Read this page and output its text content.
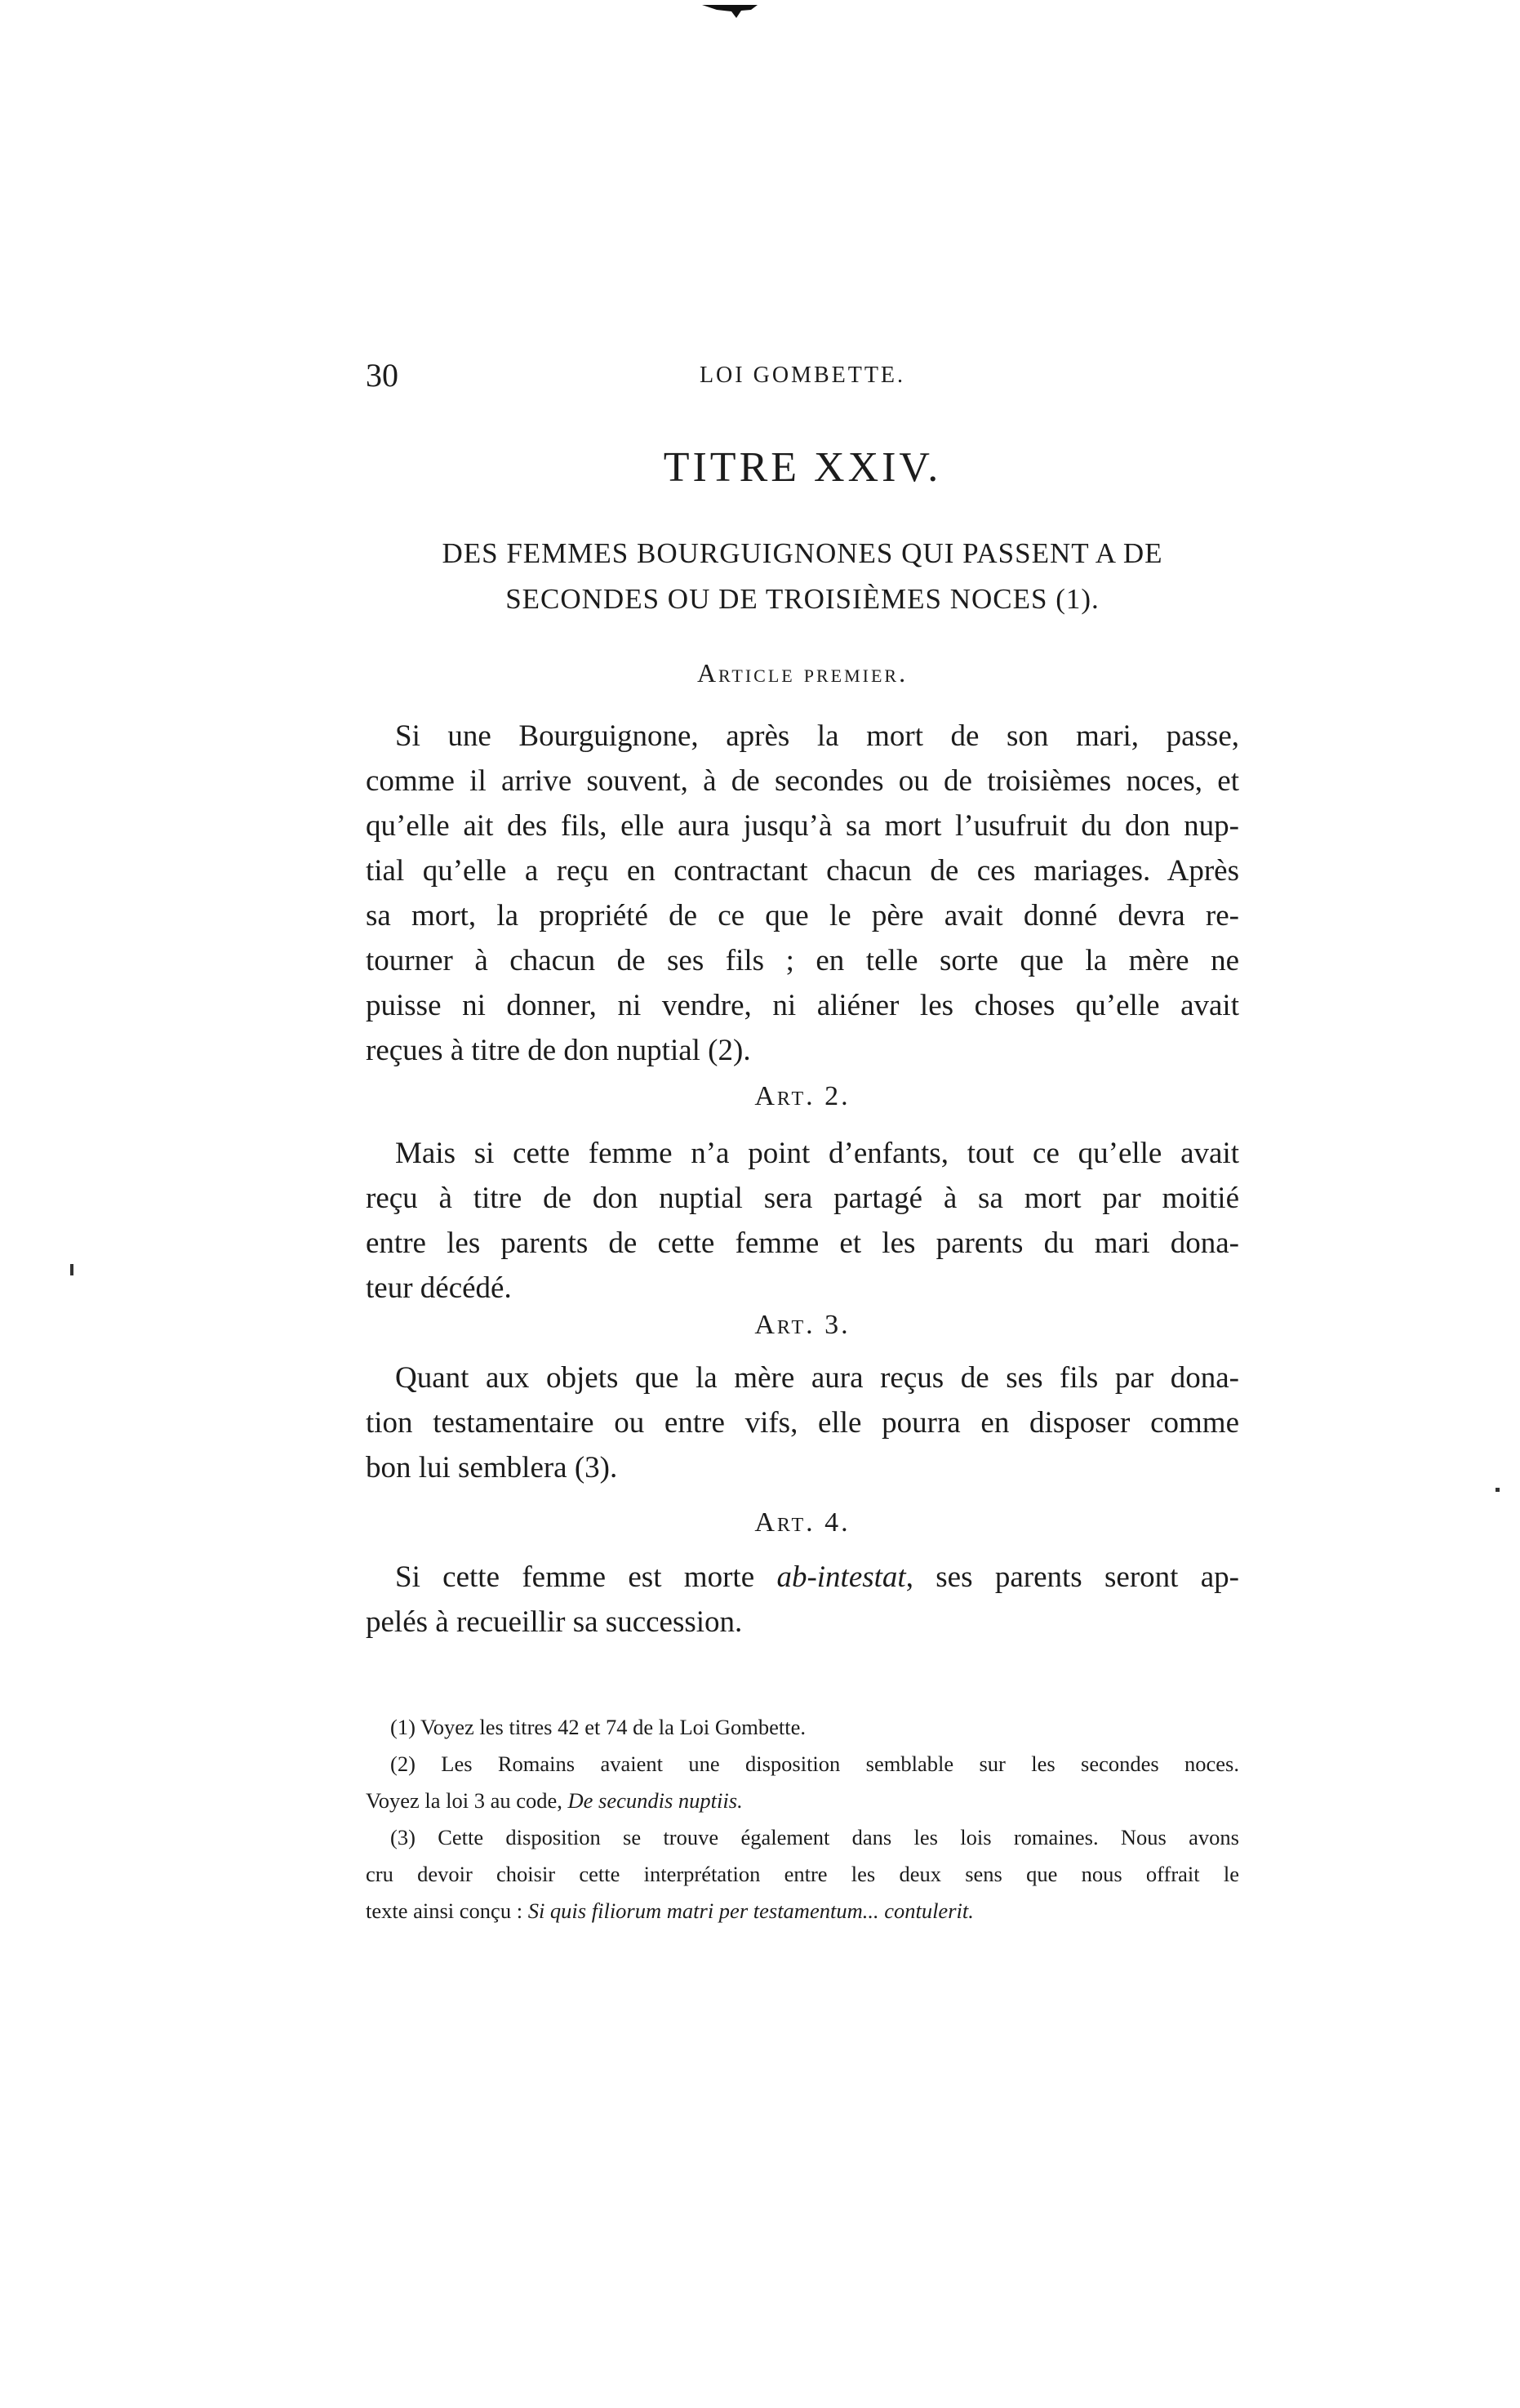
30	LOI GOMBETTE.
TITRE XXIV.
DES FEMMES BOURGUIGNONES QUI PASSENT A DE
SECONDES OU DE TROISIÈMES NOCES (1).
Article premier.
Si une Bourguignone, après la mort de son mari, passe,
comme il arrive souvent, à de secondes ou de troisièmes noces, et
qu’elle ait des fils, elle aura jusqu’à sa mort l’usufruit du don nup-
tial qu’elle a reçu en contractant chacun de ces mariages. Après
sa mort, la propriété de ce que le père avait donné devra re-
tourner à chacun de ses fils ; en telle sorte que la mère ne
puisse ni donner, ni vendre, ni aliéner les choses qu’elle avait
reçues à titre de don nuptial (2).
Art. 2.
Mais si cette femme n’a point d’enfants, tout ce qu’elle avait
reçu à titre de don nuptial sera partagé à sa mort par moitié
entre les parents de cette femme et les parents du mari dona-
teur décédé.
Art. 3.
Quant aux objets que la mère aura reçus de ses fils par dona-
tion testamentaire ou entre vifs, elle pourra en disposer comme
bon lui semblera (3).
Art. 4.
Si cette femme est morte ab-intestat, ses parents seront ap-
pelés à recueillir sa succession.
(1) Voyez les titres 42 et 74 de la Loi Gombette.
(2) Les Romains avaient une disposition semblable sur les secondes noces.
Voyez la loi 3 au code, De secundis nuptiis.
(3) Cette disposition se trouve également dans les lois romaines. Nous avons
cru devoir choisir cette interprétation entre les deux sens que nous offrait le
texte ainsi conçu : Si quis filiorum matri per testamentum... contulerit.
